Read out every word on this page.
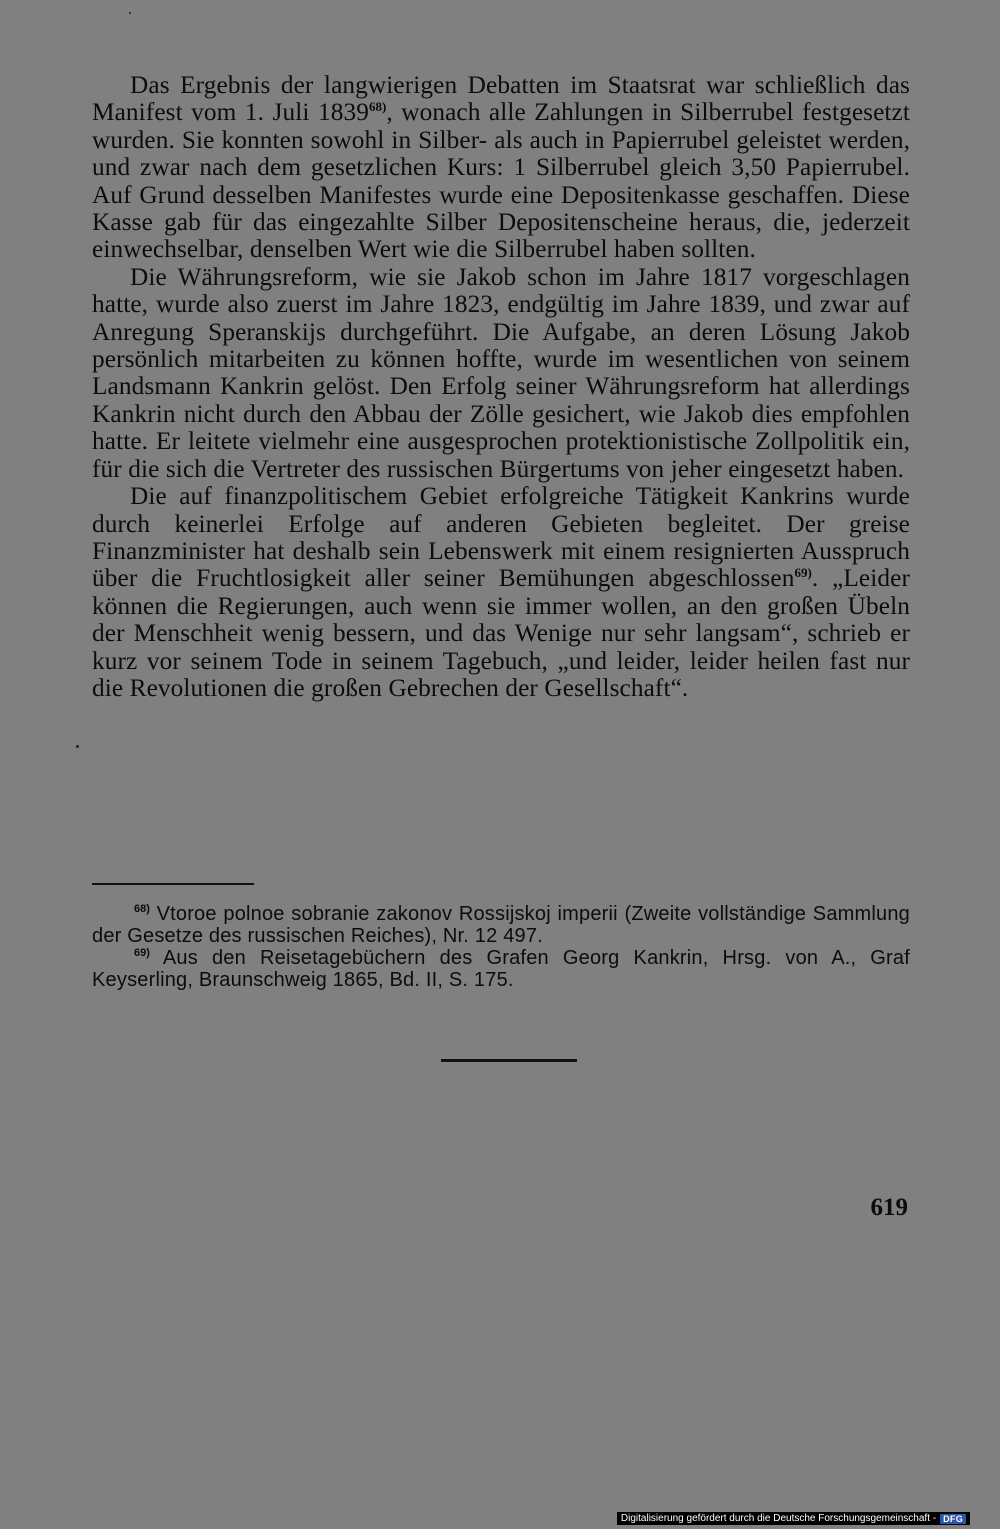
Das Ergebnis der langwierigen Debatten im Staatsrat war schließlich das Manifest vom 1. Juli 1839$^{68)}$, wonach alle Zahlungen in Silberrubel festgesetzt wurden. Sie konnten sowohl in Silber- als auch in Papierrubel geleistet werden, und zwar nach dem gesetzlichen Kurs: 1 Silberrubel gleich 3,50 Papierrubel. Auf Grund desselben Manifestes wurde eine Depositenkasse geschaffen. Diese Kasse gab für das eingezahlte Silber Depositenscheine heraus, die, jederzeit einwechselbar, denselben Wert wie die Silberrubel haben sollten.

Die Währungsreform, wie sie Jakob schon im Jahre 1817 vorgeschlagen hatte, wurde also zuerst im Jahre 1823, endgültig im Jahre 1839, und zwar auf Anregung Speranskijs durchgeführt. Die Aufgabe, an deren Lösung Jakob persönlich mitarbeiten zu können hoffte, wurde im wesentlichen von seinem Landsmann Kankrin gelöst. Den Erfolg seiner Währungsreform hat allerdings Kankrin nicht durch den Abbau der Zölle gesichert, wie Jakob dies empfohlen hatte. Er leitete vielmehr eine ausgesprochen protektionistische Zollpolitik ein, für die sich die Vertreter des russischen Bürgertums von jeher eingesetzt haben.

Die auf finanzpolitischem Gebiet erfolgreiche Tätigkeit Kankrins wurde durch keinerlei Erfolge auf anderen Gebieten begleitet. Der greise Finanzminister hat deshalb sein Lebenswerk mit einem resignierten Ausspruch über die Fruchtlosigkeit aller seiner Bemühungen abgeschlossen$^{69)}$. „Leider können die Regierungen, auch wenn sie immer wollen, an den großen Übeln der Menschheit wenig bessern, und das Wenige nur sehr langsam“, schrieb er kurz vor seinem Tode in seinem Tagebuch, „und leider, leider heilen fast nur die Revolutionen die großen Gebrechen der Gesellschaft“.

$^{68)}$ Vtoroe polnoe sobranie zakonov Rossijskoj imperii (Zweite vollständige Sammlung der Gesetze des russischen Reiches), Nr. 12 497.

$^{69)}$ Aus den Reisetagebüchern des Grafen Georg Kankrin, Hrsg. von A., Graf Keyserling, Braunschweig 1865, Bd. II, S. 175.

619
Digitalisierung gefördert durch die Deutsche Forschungsgemeinschaft - DFG
